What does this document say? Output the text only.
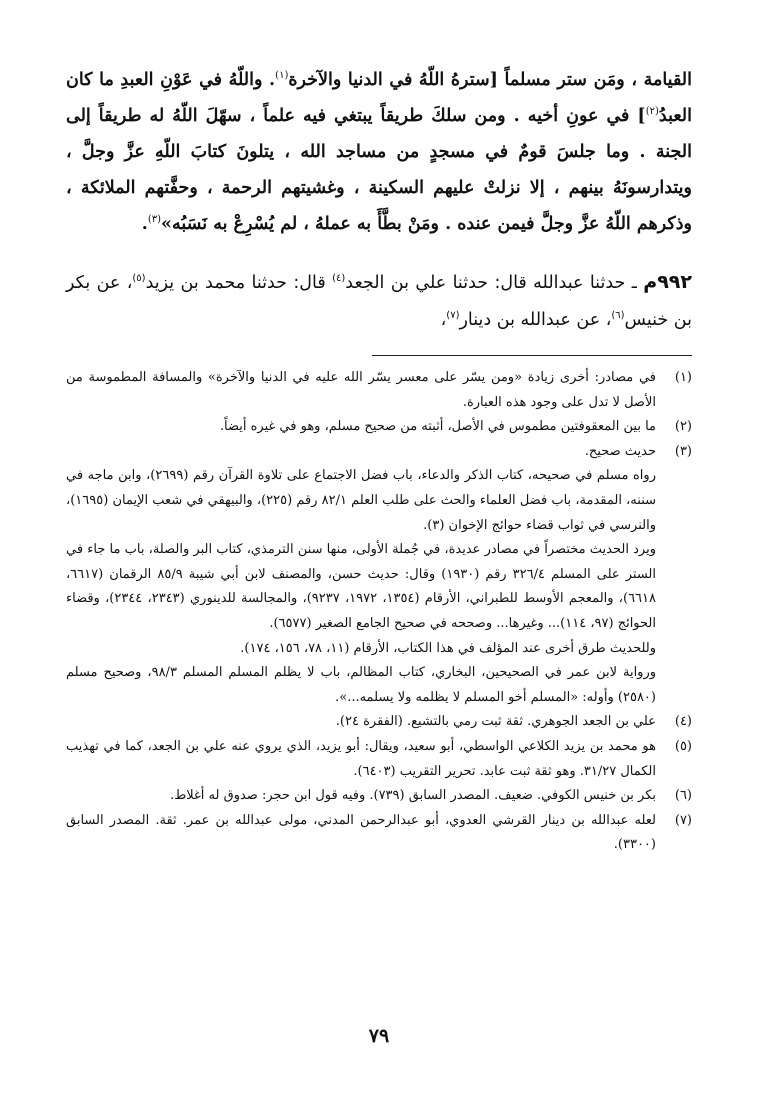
القيامة ، ومَن ستر مسلماً [سترهُ اللّهُ في الدنيا والآخرة$^{(١)}$. واللّهُ في عَوْنِ العبدِ ما كان العبدُ$^{(٢)}$] في عونِ أخيه . ومن سلكَ طريقاً يبتغي فيه علماً ، سهّلَ اللّهُ له طريقاً إلى الجنة . وما جلسَ قومٌ في مسجدٍ من مساجد الله ، يتلونَ كتابَ اللّهِ عزَّ وجلَّ ، ويتدارسونَهُ بينهم ، إلا نزلتْ عليهم السكينة ، وغشيتهم الرحمة ، وحفَّتهم الملائكة ، وذكرهم اللّهُ عزَّ وجلَّ فيمن عنده . ومَنْ بطَّأَ به عملهُ ، لم يُسْرِعْ به نَسَبُه»$^{(٣)}$.

٩٩٢م ـ حدثنا عبدالله قال: حدثنا علي بن الجعد$^{(٤)}$ قال: حدثنا محمد بن يزيد$^{(٥)}$، عن بكر بن خنيس$^{(٦)}$، عن عبدالله بن دينار$^{(٧)}$،

(١)

في مصادر: أخرى زيادة «ومن يسّر على معسر يسّر الله عليه في الدنيا والآخرة» والمسافة المطموسة من الأصل لا تدل على وجود هذه العبارة.

(٢)

ما بين المعقوفتين مطموس في الأصل، أثبته من صحيح مسلم، وهو في غيره أيضاً.

(٣)

حديث صحيح.

رواه مسلم في صحيحه، كتاب الذكر والدعاء، باب فضل الاجتماع على تلاوة القرآن رقم (٢٦٩٩)، وابن ماجه في سننه، المقدمة، باب فضل العلماء والحث على طلب العلم ٨٢/١ رقم (٢٢٥)، والبيهقي في شعب الإيمان (١٦٩٥)، والنرسي في ثواب قضاء حوائج الإخوان (٣).

ويرد الحديث مختصراً في مصادر عديدة، في جُملة الأولى، منها سنن الترمذي، كتاب البر والصلة، باب ما جاء في الستر على المسلم ٣٢٦/٤ رقم (١٩٣٠) وقال: حديث حسن، والمصنف لابن أبي شيبة ٨٥/٩ الرقمان (٦٦١٧، ٦٦١٨)، والمعجم الأوسط للطبراني، الأرقام (١٣٥٤، ١٩٧٢، ٩٢٣٧)، والمجالسة للدينوري (٢٣٤٣، ٢٣٤٤)، وقضاء الحوائج (٩٧، ١١٤)... وغيرها... وصححه في صحيح الجامع الصغير (٦٥٧٧).

وللحديث طرق أخرى عند المؤلف في هذا الكتاب، الأرقام (١١، ٧٨، ١٥٦، ١٧٤).

ورواية لابن عمر في الصحيحين، البخاري، كتاب المظالم، باب لا يظلم المسلم المسلم ٩٨/٣، وصحيح مسلم (٢٥٨٠) وأوله: «المسلم أخو المسلم لا يظلمه ولا يسلمه...».

(٤)

علي بن الجعد الجوهري. ثقة ثبت رمي بالتشيع. (الفقرة ٢٤).

(٥)

هو محمد بن يزيد الكلاعي الواسطي، أبو سعيد، ويقال: أبو يزيد، الذي يروي عنه علي بن الجعد، كما في تهذيب الكمال ٣١/٢٧. وهو ثقة ثبت عابد. تحرير التقريب (٦٤٠٣).

(٦)

بكر بن خنيس الكوفي. ضعيف. المصدر السابق (٧٣٩). وفيه قول ابن حجر: صدوق له أغلاط.

(٧)

لعله عبدالله بن دينار القرشي العدوي، أبو عبدالرحمن المدني، مولى عبدالله بن عمر. ثقة. المصدر السابق (٣٣٠٠).

٧٩
